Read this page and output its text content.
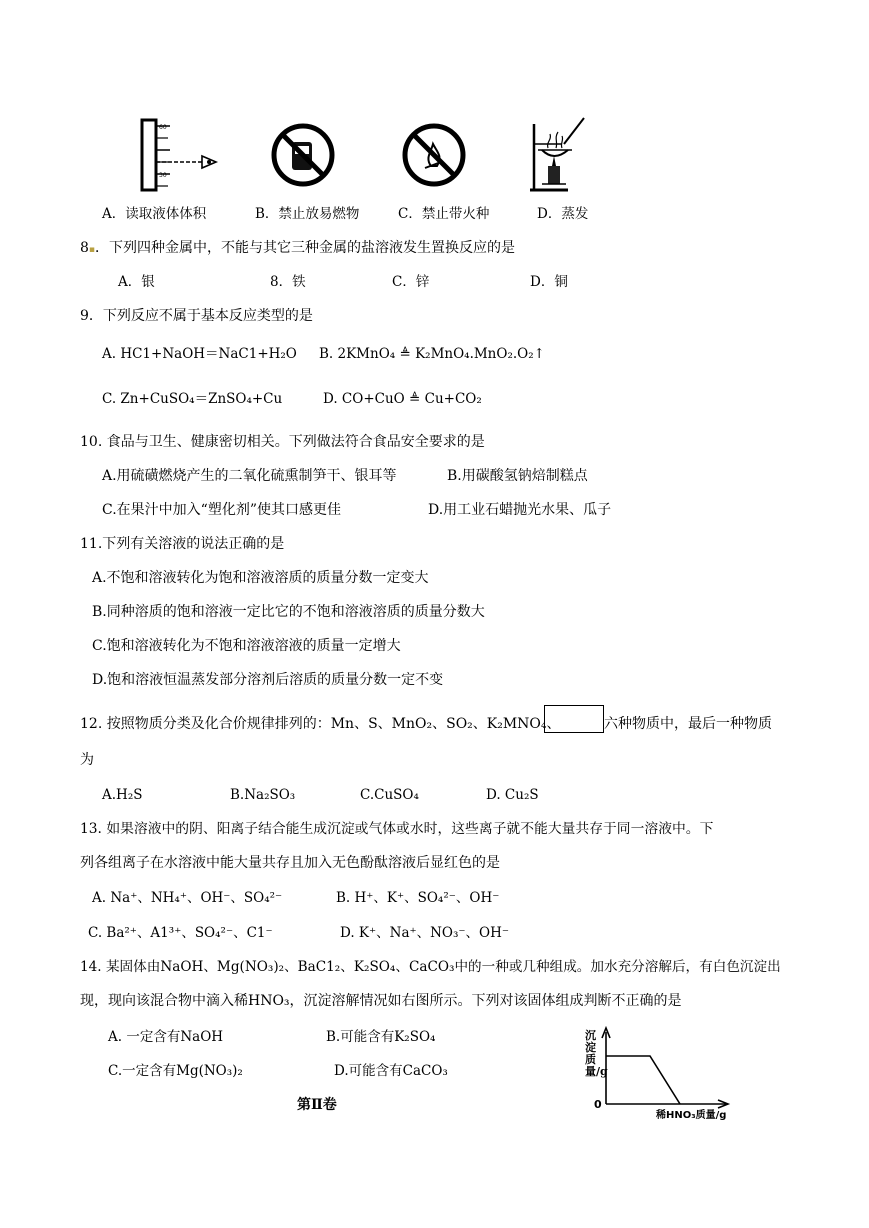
60
30
A．读取液体体积	B．禁止放易燃物	C．禁止带火种	D．蒸发
8▪．下列四种金属中，不能与其它三种金属的盐溶液发生置换反应的是
A．银	8．铁	C．锌	D．铜
9．下列反应不属于基本反应类型的是
A. HC1+NaOH＝NaC1+H₂O B. 2KMnO₄ ≜ K₂MnO₄.MnO₂.O₂↑
C. Zn+CuSO₄＝ZnSO₄+Cu	D. CO+CuO ≜ Cu+CO₂
10. 食品与卫生、健康密切相关。下列做法符合食品安全要求的是
A.用硫磺燃烧产生的二氧化硫熏制笋干、银耳等	B.用碳酸氢钠焙制糕点
C.在果汁中加入“塑化剂”使其口感更佳	D.用工业石蜡抛光水果、瓜子
11.下列有关溶液的说法正确的是
A.不饱和溶液转化为饱和溶液溶质的质量分数一定变大
B.同种溶质的饱和溶液一定比它的不饱和溶液溶质的质量分数大
C.饱和溶液转化为不饱和溶液溶液的质量一定增大
D.饱和溶液恒温蒸发部分溶剂后溶质的质量分数一定不变
12. 按照物质分类及化合价规律排列的：Mn、S、MnO₂、SO₂、K₂MNO₄、	六种物质中，最后一种物质
为
A.H₂S	B.Na₂SO₃	C.CuSO₄	D. Cu₂S
13. 如果溶液中的阴、阳离子结合能生成沉淀或气体或水时，这些离子就不能大量共存于同一溶液中。下
列各组离子在水溶液中能大量共存且加入无色酚酞溶液后显红色的是
A. Na⁺、NH₄⁺、OH⁻、SO₄²⁻	B. H⁺、K⁺、SO₄²⁻、OH⁻
C. Ba²⁺、A1³⁺、SO₄²⁻、C1⁻	D. K⁺、Na⁺、NO₃⁻、OH⁻
14. 某固体由NaOH、Mg(NO₃)₂、BaC1₂、K₂SO₄、CaCO₃中的一种或几种组成。加水充分溶解后，有白色沉淀出
现，现向该混合物中滴入稀HNO₃，沉淀溶解情况如右图所示。下列对该固体组成判断不正确的是
A. 一定含有NaOH	B.可能含有K₂SO₄
C.一定含有Mg(NO₃)₂	D.可能含有CaCO₃
0
沉淀质量/g
稀HNO₃质量/g
第Ⅱ卷
